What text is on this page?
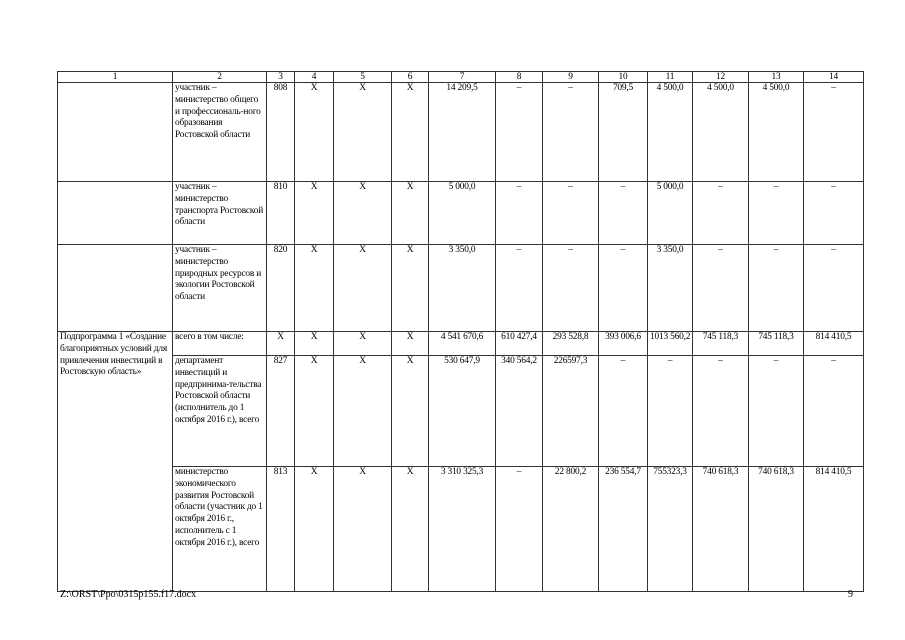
1	2	3	4	5	6	7	8	9	10	11	12	13	14
	участник – министерство общего и профессиональ-ного образования Ростовской области	808	Х	Х	Х	14 209,5	–	–	709,5	4 500,0	4 500,0	4 500,0	–
	участник – министерство транспорта Ростовской области	810	Х	Х	Х	5 000,0	–	–	–	5 000,0	–	–	–
	участник – министерство природных ресурсов и экологии Ростовской области	820	Х	Х	Х	3 350,0	–	–	–	3 350,0	–	–	–
Подпрограмма 1 «Создание благоприятных условий для привлечения инвестиций в Ростовскую область»	всего в том числе:	Х	Х	Х	Х	4 541 670,6	610 427,4	293 528,8	393 006,6	1013 560,2	745 118,3	745 118,3	814 410,5
	департамент инвестиций и предпринима-тельства Ростовской области (исполнитель до 1 октября 2016 г.), всего	827	Х	Х	Х	530 647,9	340 564,2	226597,3	–	–	–	–	–
	министерство экономического развития Ростовской области (участник до 1 октября 2016 г., исполнитель с 1 октября 2016 г.), всего	813	Х	Х	Х	3 310 325,3	–	22 800,2	236 554,7	755323,3	740 618,3	740 618,3	814 410,5
Z:\ORST\Ppo\0315p155.f17.docx	9
